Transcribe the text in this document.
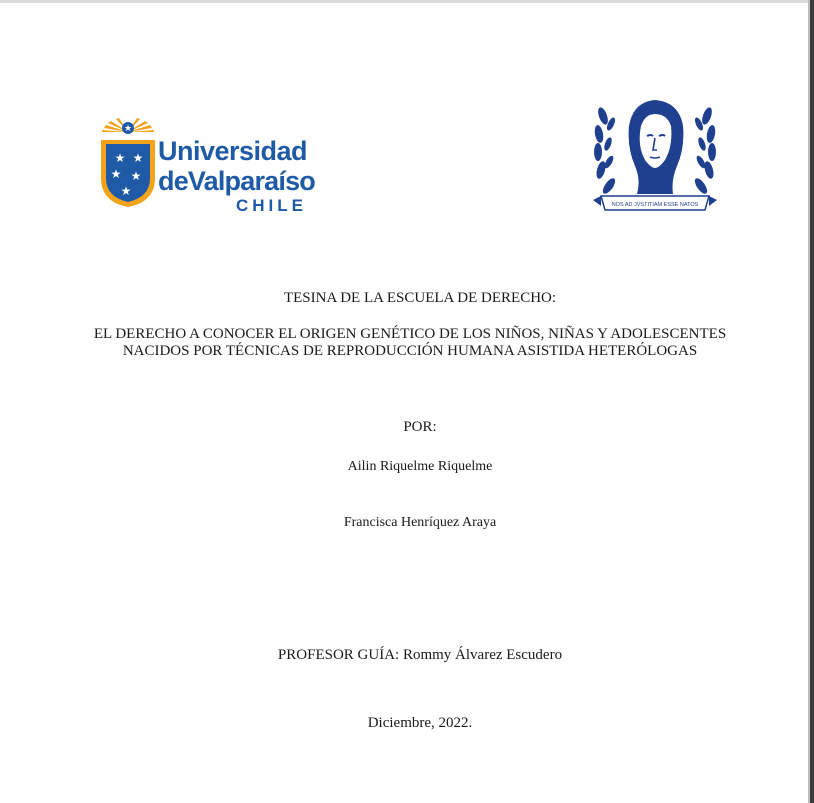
★
★ ★
★ ★
★
Universidad
deValparaíso
CHILE	NOS AD JVSTITIAM ESSE NATOS
TESINA DE LA ESCUELA DE DERECHO:
EL DERECHO A CONOCER EL ORIGEN GENÉTICO DE LOS NIÑOS, NIÑAS Y ADOLESCENTES NACIDOS POR TÉCNICAS DE REPRODUCCIÓN HUMANA ASISTIDA HETERÓLOGAS
POR:
Ailin Riquelme Riquelme
Francisca Henríquez Araya
PROFESOR GUÍA: Rommy Álvarez Escudero
Diciembre, 2022.
